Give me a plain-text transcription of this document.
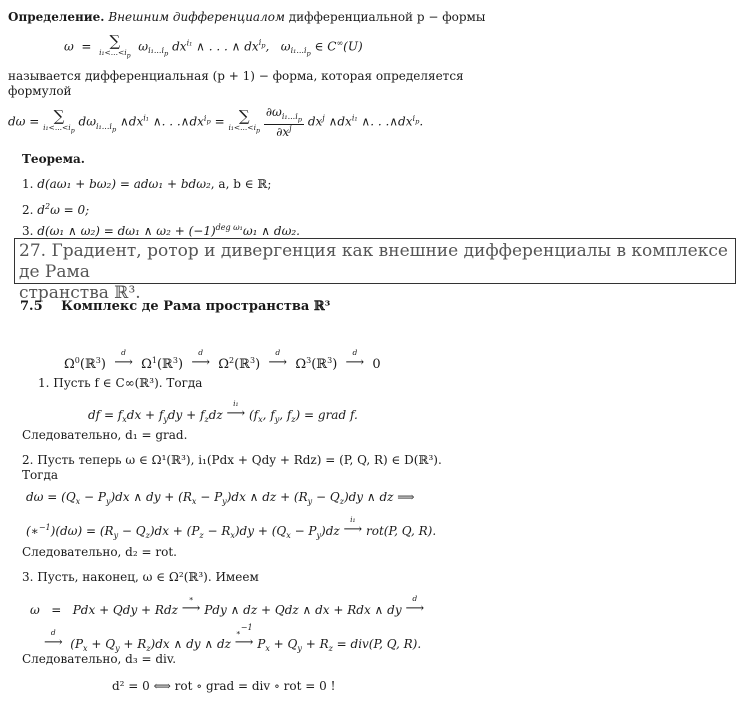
Определение. Внешним дифференциалом дифференциальной p − формы
ω  = ∑
$i_1<...<i_p$
$\omega_{i_1...i_p}$ $dx^{i_1}$ ∧ . . . ∧ $dx^{i_p}$,   $\omega_{i_1...i_p}$ ∈ C∞(U)
называется дифференциальная (p + 1) − форма, которая определяется
формулой
dω = ∑
$i_1<...<i_p$
$d\omega_{i_1...i_p}$ $\wedge dx^{i_1}$ ∧. . $.\wedge dx^{i_p}$ = ∑
$i_1<...<i_p$
$\frac{\partial\omega_{i_1...i_p}}{\partial x^j} dx^j$ $\wedge dx^{i_1}$ ∧. . $.\wedge dx^{i_p}$.
Теорема.
1. d(aω₁ + bω₂) = adω₁ + bdω₂, a, b ∈ ℝ;
2. $d^2\omega = 0$;
3. d(ω₁ ∧ ω₂) = dω₁ ∧ $\omega_2 + (-1)^{deg \omega_1}\omega_1$ ∧ dω₂.
27. Градиент, ротор и дивергенция как внешние дифференциалы в комплексе де Рама
странства ℝ³.
7.5 Комплекс де Рама пространства ℝ³
$\Omega^0(ℝ^3)$
d
⟶ $\Omega^1(ℝ^3)$
d
⟶ $\Omega^2(ℝ^3)$
d
⟶ $\Omega^3(ℝ^3)$
d
⟶ 0
1. Пусть f ∈ C∞(ℝ³). Тогда
df = $f_xdx + f_ydy + f_zdz$
i₁
⟶ ($f_x$, $f_y$, $f_z$) = grad f.
Следовательно, d₁ = grad.
2. Пусть теперь ω ∈ Ω¹(ℝ³), i₁(Pdx + Qdy + Rdz) = (P, Q, R) ∈ D(ℝ³).
Тогда
$d\omega = (Q_x - P_y)dx$ ∧ dy + $(R_x - P_y)dx$ ∧ dz + $(R_y - Q_z)dy$ ∧ dz ⟹
(∗$^{-1}$)(dω) = $(R_y - Q_z)dx + (P_z - R_x)dy + (Q_x - P_y)dz$
i₁
⟶ rot(P, Q, R).
Следовательно, d₂ = rot.
3. Пусть, наконец, ω ∈ Ω²(ℝ³). Имеем
ω   =   Pdx + Qdy + Rdz
∗
⟶ Pdy ∧ dz + Qdz ∧ dx + Rdx ∧ dy
d
⟶
d
⟶ $(P_x + Q_y + R_z)dx$ ∧ dy ∧ dz
∗−1
⟶ $P_x + Q_y + R_z = div(P$, Q, R).
Следовательно, d₃ = div.
d² = 0 ⟺ rot ∘ grad = div ∘ rot = 0 !
